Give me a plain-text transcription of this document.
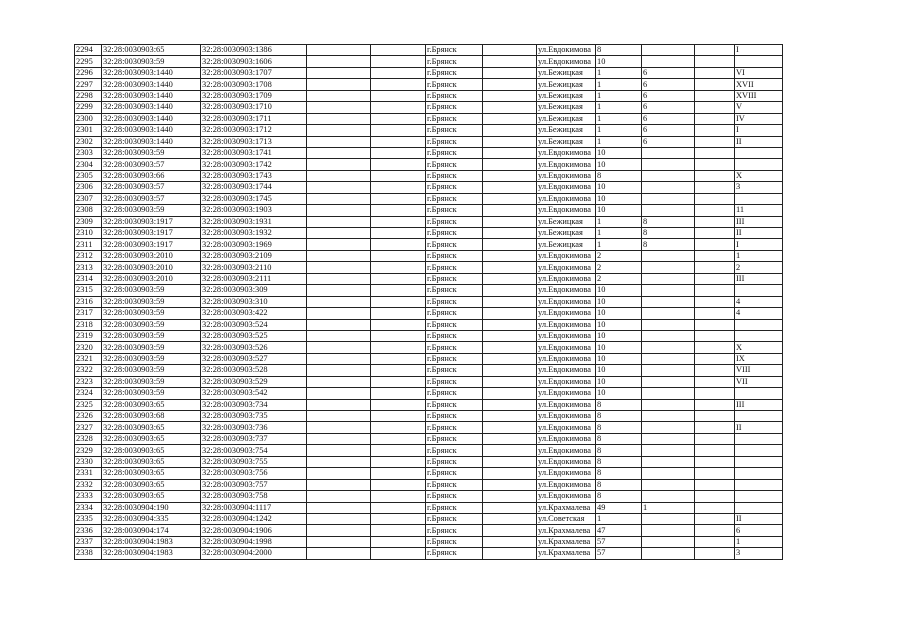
2294	32:28:0030903:65	32:28:0030903:1386			г.Брянск		ул.Евдокимова	8			I
2295	32:28:0030903:59	32:28:0030903:1606			г.Брянск		ул.Евдокимова	10			
2296	32:28:0030903:1440	32:28:0030903:1707			г.Брянск		ул.Бежицкая	1	6		VI
2297	32:28:0030903:1440	32:28:0030903:1708			г.Брянск		ул.Бежицкая	1	6		XVII
2298	32:28:0030903:1440	32:28:0030903:1709			г.Брянск		ул.Бежицкая	1	6		XVIII
2299	32:28:0030903:1440	32:28:0030903:1710			г.Брянск		ул.Бежицкая	1	6		V
2300	32:28:0030903:1440	32:28:0030903:1711			г.Брянск		ул.Бежицкая	1	6		IV
2301	32:28:0030903:1440	32:28:0030903:1712			г.Брянск		ул.Бежицкая	1	6		I
2302	32:28:0030903:1440	32:28:0030903:1713			г.Брянск		ул.Бежицкая	1	6		II
2303	32:28:0030903:59	32:28:0030903:1741			г.Брянск		ул.Евдокимова	10			
2304	32:28:0030903:57	32:28:0030903:1742			г.Брянск		ул.Евдокимова	10			
2305	32:28:0030903:66	32:28:0030903:1743			г.Брянск		ул.Евдокимова	8			X
2306	32:28:0030903:57	32:28:0030903:1744			г.Брянск		ул.Евдокимова	10			3
2307	32:28:0030903:57	32:28:0030903:1745			г.Брянск		ул.Евдокимова	10			
2308	32:28:0030903:59	32:28:0030903:1903			г.Брянск		ул.Евдокимова	10			11
2309	32:28:0030903:1917	32:28:0030903:1931			г.Брянск		ул.Бежицкая	1	8		III
2310	32:28:0030903:1917	32:28:0030903:1932			г.Брянск		ул.Бежицкая	1	8		II
2311	32:28:0030903:1917	32:28:0030903:1969			г.Брянск		ул.Бежицкая	1	8		I
2312	32:28:0030903:2010	32:28:0030903:2109			г.Брянск		ул.Евдокимова	2			1
2313	32:28:0030903:2010	32:28:0030903:2110			г.Брянск		ул.Евдокимова	2			2
2314	32:28:0030903:2010	32:28:0030903:2111			г.Брянск		ул.Евдокимова	2			III
2315	32:28:0030903:59	32:28:0030903:309			г.Брянск		ул.Евдокимова	10			
2316	32:28:0030903:59	32:28:0030903:310			г.Брянск		ул.Евдокимова	10			4
2317	32:28:0030903:59	32:28:0030903:422			г.Брянск		ул.Евдокимова	10			4
2318	32:28:0030903:59	32:28:0030903:524			г.Брянск		ул.Евдокимова	10			
2319	32:28:0030903:59	32:28:0030903:525			г.Брянск		ул.Евдокимова	10			
2320	32:28:0030903:59	32:28:0030903:526			г.Брянск		ул.Евдокимова	10			X
2321	32:28:0030903:59	32:28:0030903:527			г.Брянск		ул.Евдокимова	10			IX
2322	32:28:0030903:59	32:28:0030903:528			г.Брянск		ул.Евдокимова	10			VIII
2323	32:28:0030903:59	32:28:0030903:529			г.Брянск		ул.Евдокимова	10			VII
2324	32:28:0030903:59	32:28:0030903:542			г.Брянск		ул.Евдокимова	10			
2325	32:28:0030903:65	32:28:0030903:734			г.Брянск		ул.Евдокимова	8			III
2326	32:28:0030903:68	32:28:0030903:735			г.Брянск		ул.Евдокимова	8			
2327	32:28:0030903:65	32:28:0030903:736			г.Брянск		ул.Евдокимова	8			II
2328	32:28:0030903:65	32:28:0030903:737			г.Брянск		ул.Евдокимова	8			
2329	32:28:0030903:65	32:28:0030903:754			г.Брянск		ул.Евдокимова	8			
2330	32:28:0030903:65	32:28:0030903:755			г.Брянск		ул.Евдокимова	8			
2331	32:28:0030903:65	32:28:0030903:756			г.Брянск		ул.Евдокимова	8			
2332	32:28:0030903:65	32:28:0030903:757			г.Брянск		ул.Евдокимова	8			
2333	32:28:0030903:65	32:28:0030903:758			г.Брянск		ул.Евдокимова	8			
2334	32:28:0030904:190	32:28:0030904:1117			г.Брянск		ул.Крахмалева	49	1		
2335	32:28:0030904:335	32:28:0030904:1242			г.Брянск		ул.Советская	1			II
2336	32:28:0030904:174	32:28:0030904:1906			г.Брянск		ул.Крахмалева	47			6
2337	32:28:0030904:1983	32:28:0030904:1998			г.Брянск		ул.Крахмалева	57			1
2338	32:28:0030904:1983	32:28:0030904:2000			г.Брянск		ул.Крахмалева	57			3
